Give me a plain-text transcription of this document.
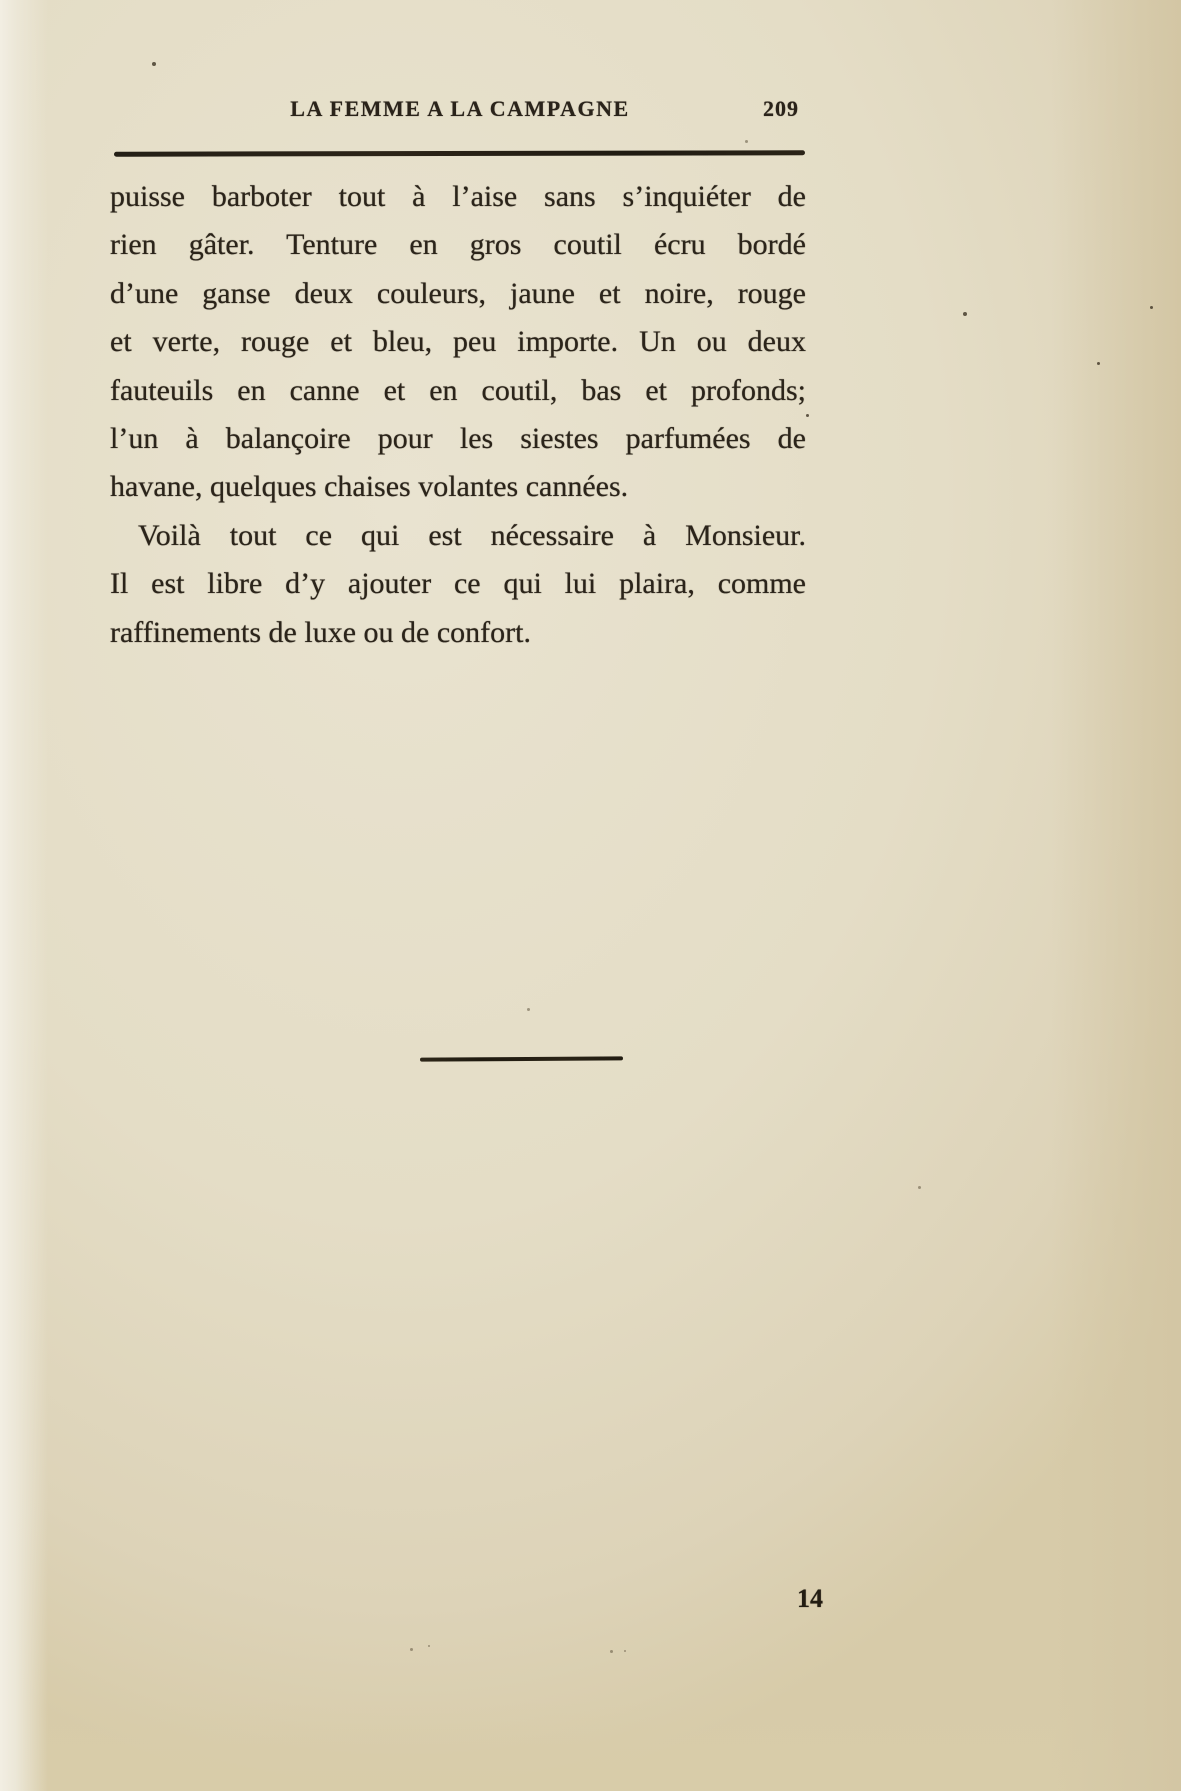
LA FEMME A LA CAMPAGNE	209

puisse barboter tout à l’aise sans s’inquiéter de

rien gâter. Tenture en gros coutil écru bordé

d’une ganse deux couleurs, jaune et noire, rouge

et verte, rouge et bleu, peu importe. Un ou deux

fauteuils en canne et en coutil, bas et profonds;

l’un à balançoire pour les siestes parfumées de

havane, quelques chaises volantes cannées.

Voilà tout ce qui est nécessaire à Monsieur.

Il est libre d’y ajouter ce qui lui plaira, comme

raffinements de luxe ou de confort.

14
